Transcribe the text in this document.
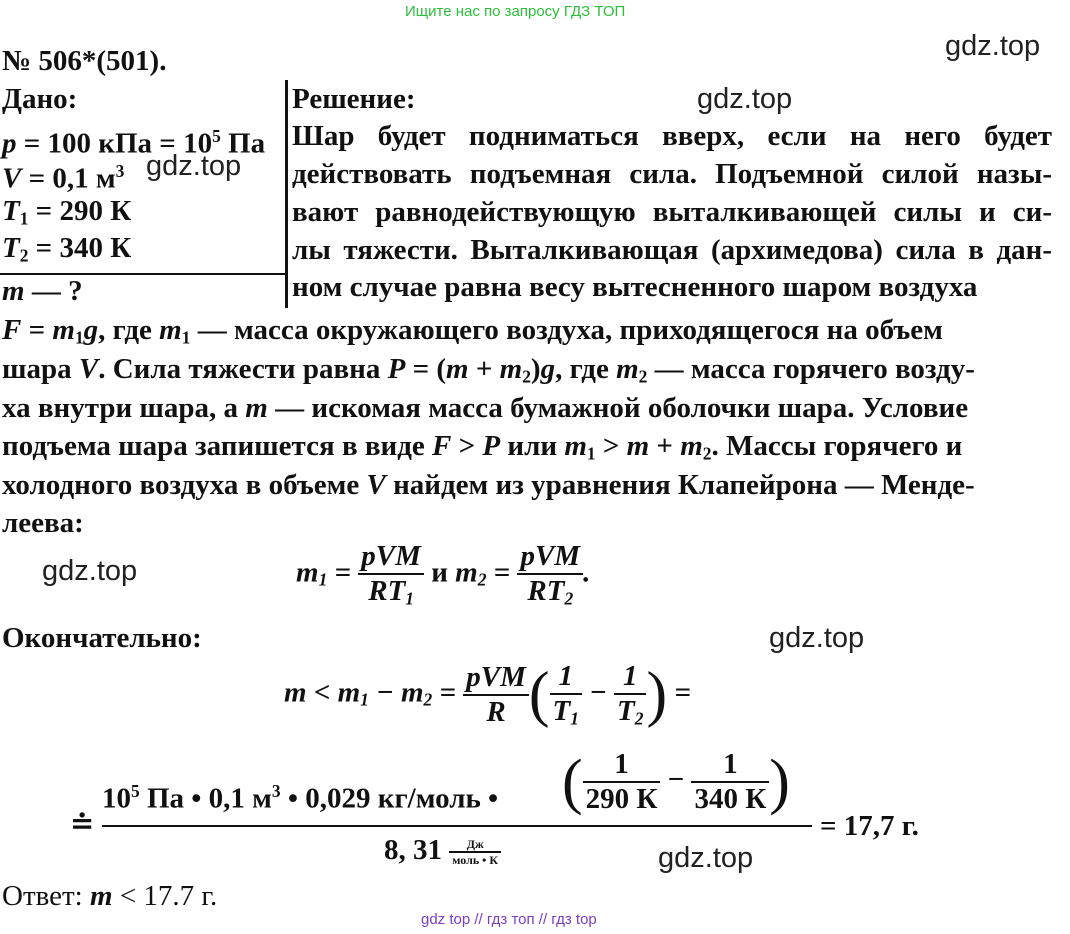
Ищите нас по запросу ГДЗ ТОП
gdz.top
gdz.top
gdz.top
gdz.top
gdz.top
gdz.top
№ 506*(501).
Дано:
p = 100 кПа = $10^5$ Па
V = 0,1 $м^3$
$T_1 = 290$ К
$T_2 = 340$ К
m — ?
Решение:
Шар будет подниматься вверх, если на него будет
действовать подъемная сила. Подъемной силой назы-
вают равнодействующую выталкивающей силы и си-
лы тяжести. Выталкивающая (архимедова) сила в дан-
ном случае равна весу вытесненного шаром воздуха
$F = m_1g$, где $m_1$ — масса окружающего воздуха, приходящегося на объем
шара V. Сила тяжести равна $P = (m + m_2)g$, где $m_2$ — масса горячего возду-
ха внутри шара, а m — искомая масса бумажной оболочки шара. Условие
подъема шара запишется в виде F > P или $m_1 > m + m_2$. Массы горячего и
холодного воздуха в объеме V найдем из уравнения Клапейрона — Менде-
леева:
$m_1 = \frac{\text{pVM}}{RT_1}$ и $m_2 = \frac{\text{pVM}}{RT_2}$ .
Окончательно:
$m < m_1 - m_2 = \frac{\text{pVM}}{R}$ ( $\frac{1}{T_1} - \frac{1}{T_2}$ ) =
≐
$10^5$ Па • 0,1 $м^3$ • 0,029 кг/моль • ( $\frac{1}{290 К} - \frac{1}{340 К}$ )
8, $31 \frac{Дж}{\text{моль • К}}$
= 17,7 г.
Ответ: m < 17.7 г.
gdz top // гдз топ // гдз top
